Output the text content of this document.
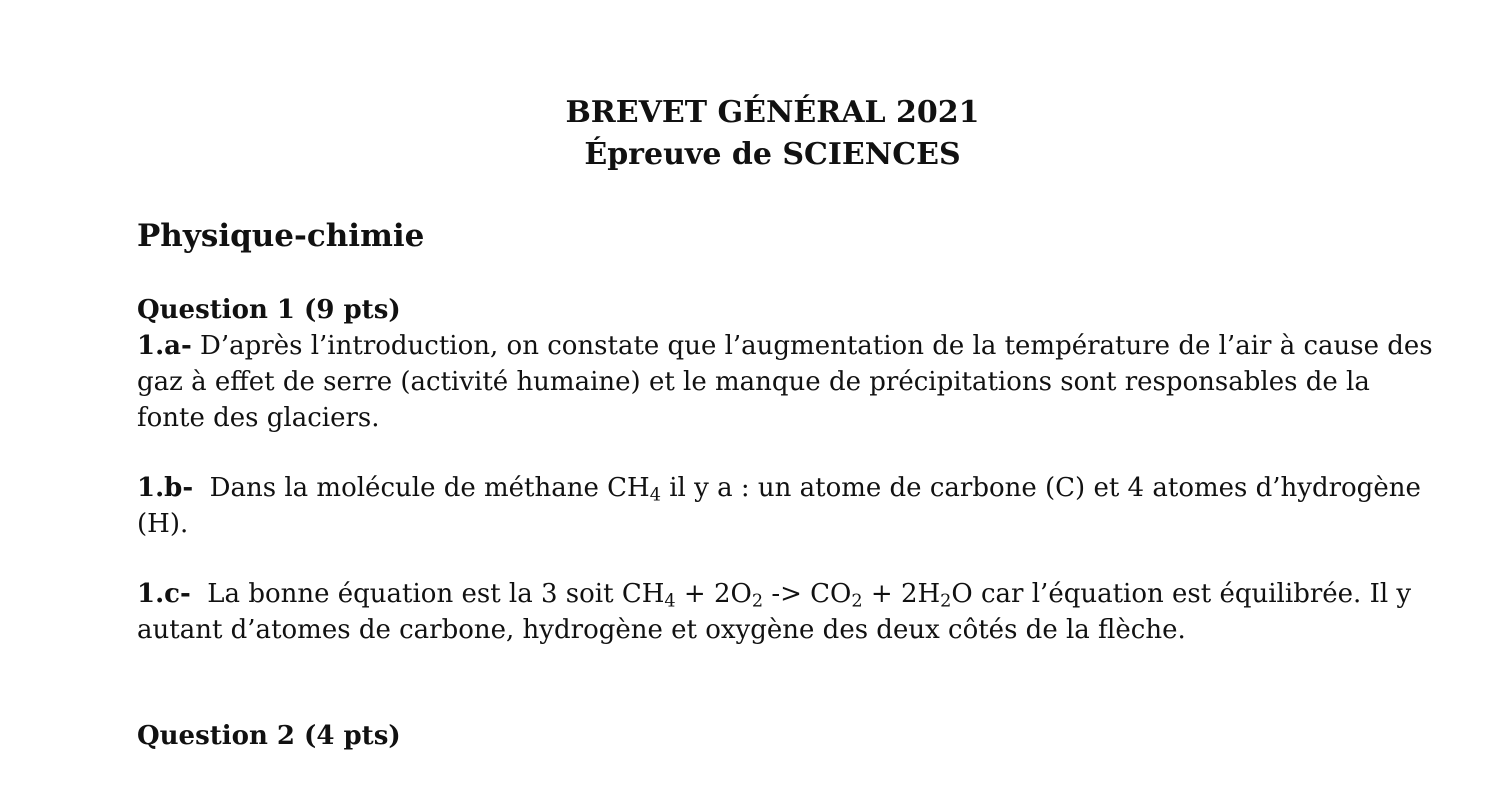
BREVET GÉNÉRAL 2021
Épreuve de SCIENCES
Physique-chimie
Question 1 (9 pts)
1.a- D’après l’introduction, on constate que l’augmentation de la température de l’air à cause des gaz à effet de serre (activité humaine) et le manque de précipitations sont responsables de la fonte des glaciers.
1.b-  Dans la molécule de méthane $CH_4$ il y a : un atome de carbone (C) et 4 atomes d’hydrogène (H).
1.c-  La bonne équation est la 3 soit $CH_4 + 2O_2 -> CO_2 + 2H_2O$ car l’équation est équilibrée. Il y autant d’atomes de carbone, hydrogène et oxygène des deux côtés de la flèche.
Question 2 (4 pts)
